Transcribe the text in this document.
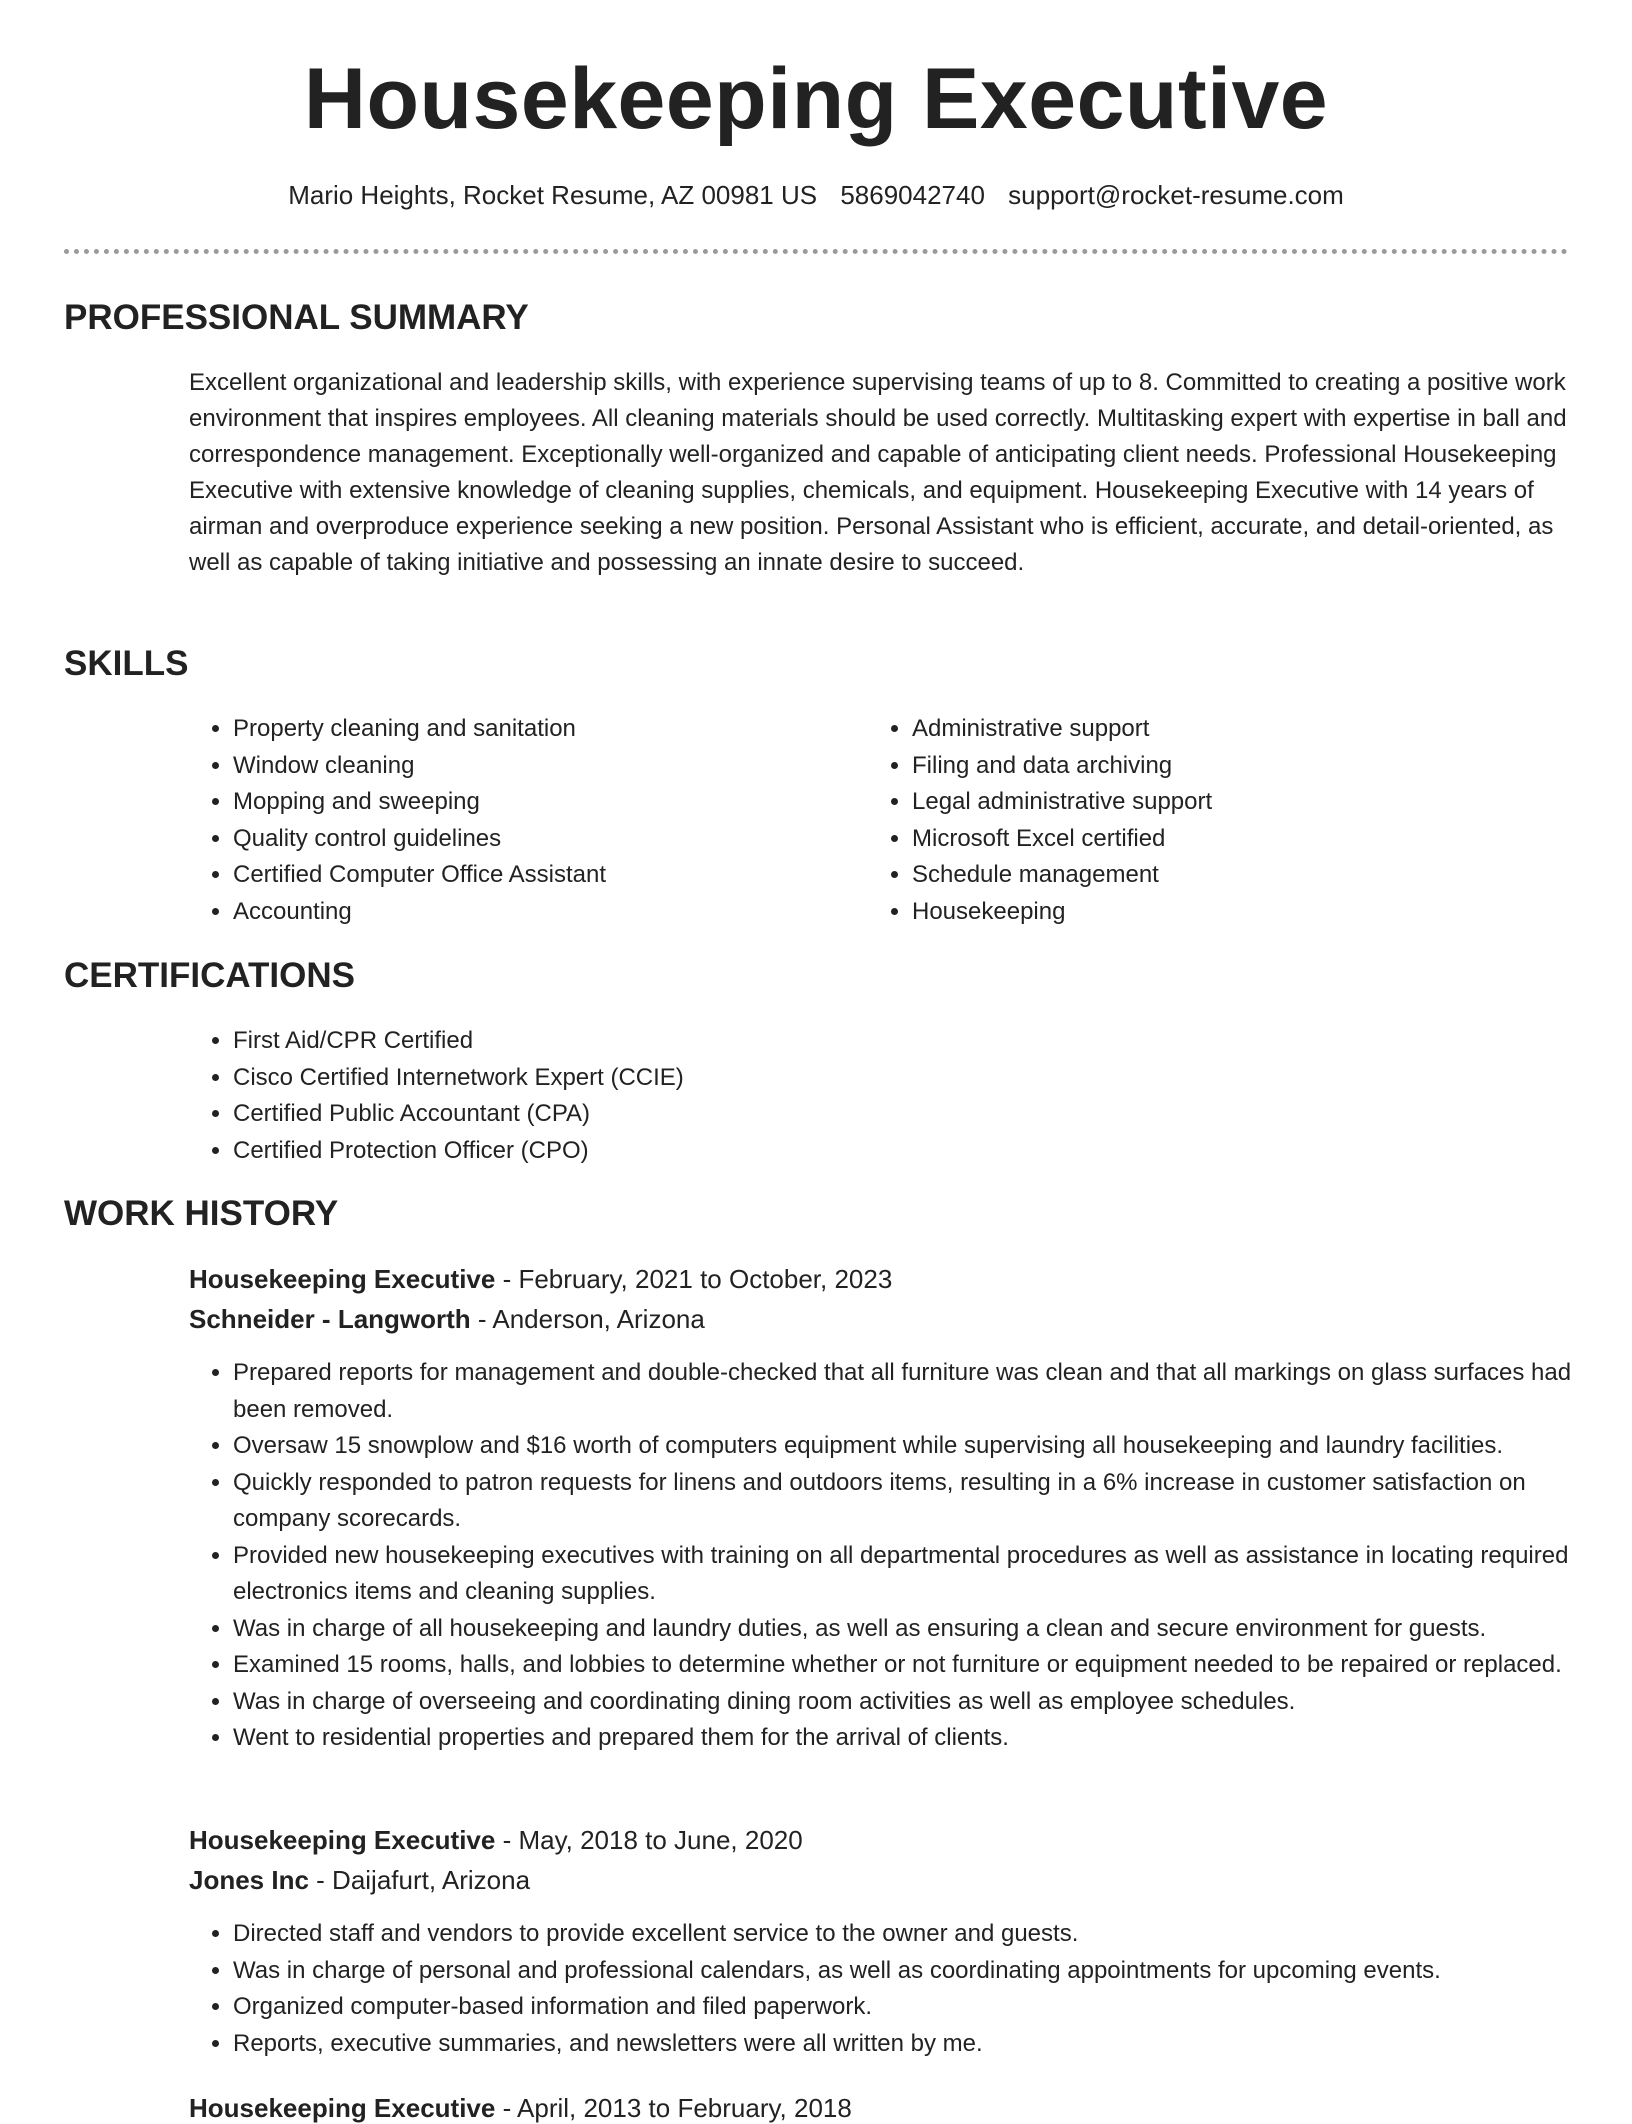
Housekeeping Executive
Mario Heights, Rocket Resume, AZ 00981 US 5869042740 support@rocket-resume.com
PROFESSIONAL SUMMARY

Excellent organizational and leadership skills, with experience supervising teams of up to 8. Committed to creating a positive work environment that inspires employees. All cleaning materials should be used correctly. Multitasking expert with expertise in ball and correspondence management. Exceptionally well-organized and capable of anticipating client needs. Professional Housekeeping Executive with extensive knowledge of cleaning supplies, chemicals, and equipment. Housekeeping Executive with 14 years of airman and overproduce experience seeking a new position. Personal Assistant who is efficient, accurate, and detail-oriented, as well as capable of taking initiative and possessing an innate desire to succeed.

SKILLS
• Property cleaning and sanitation
• Window cleaning
• Mopping and sweeping
• Quality control guidelines
• Certified Computer Office Assistant
• Accounting
• Administrative support
• Filing and data archiving
• Legal administrative support
• Microsoft Excel certified
• Schedule management
• Housekeeping
CERTIFICATIONS
• First Aid/CPR Certified
• Cisco Certified Internetwork Expert (CCIE)
• Certified Public Accountant (CPA)
• Certified Protection Officer (CPO)
WORK HISTORY
Housekeeping Executive - February, 2021 to October, 2023
Schneider - Langworth - Anderson, Arizona
• Prepared reports for management and double-checked that all furniture was clean and that all markings on glass surfaces had been removed.
• Oversaw 15 snowplow and $16 worth of computers equipment while supervising all housekeeping and laundry facilities.
• Quickly responded to patron requests for linens and outdoors items, resulting in a 6% increase in customer satisfaction on company scorecards.
• Provided new housekeeping executives with training on all departmental procedures as well as assistance in locating required electronics items and cleaning supplies.
• Was in charge of all housekeeping and laundry duties, as well as ensuring a clean and secure environment for guests.
• Examined 15 rooms, halls, and lobbies to determine whether or not furniture or equipment needed to be repaired or replaced.
• Was in charge of overseeing and coordinating dining room activities as well as employee schedules.
• Went to residential properties and prepared them for the arrival of clients.
Housekeeping Executive - May, 2018 to June, 2020
Jones Inc - Daijafurt, Arizona
• Directed staff and vendors to provide excellent service to the owner and guests.
• Was in charge of personal and professional calendars, as well as coordinating appointments for upcoming events.
• Organized computer-based information and filed paperwork.
• Reports, executive summaries, and newsletters were all written by me.
Housekeeping Executive - April, 2013 to February, 2018
